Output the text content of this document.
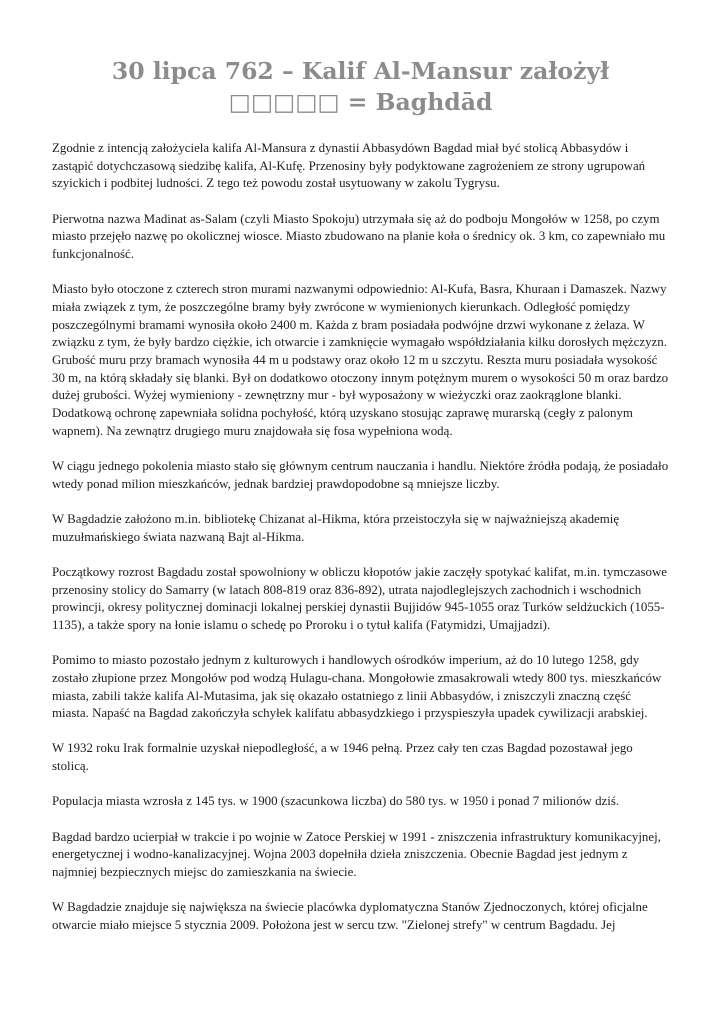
30 lipca 762 – Kalif Al-Mansur założył □□□□□ = Baghdād

Zgodnie z intencją założyciela kalifa Al-Mansura z dynastii Abbasydówn Bagdad miał być stolicą Abbasydów i zastąpić dotychczasową siedzibę kalifa, Al-Kufę. Przenosiny były podyktowane zagrożeniem ze strony ugrupowań szyickich i podbitej ludności. Z tego też powodu został usytuowany w zakolu Tygrysu.

Pierwotna nazwa Madinat as-Salam (czyli Miasto Spokoju) utrzymała się aż do podboju Mongołów w 1258, po czym miasto przejęło nazwę po okolicznej wiosce. Miasto zbudowano na planie koła o średnicy ok. 3 km, co zapewniało mu funkcjonalność.

Miasto było otoczone z czterech stron murami nazwanymi odpowiednio: Al-Kufa, Basra, Khuraan i Damaszek. Nazwy miała związek z tym, że poszczególne bramy były zwrócone w wymienionych kierunkach. Odległość pomiędzy poszczególnymi bramami wynosiła około 2400 m. Każda z bram posiadała podwójne drzwi wykonane z żelaza. W związku z tym, że były bardzo ciężkie, ich otwarcie i zamknięcie wymagało współdziałania kilku dorosłych mężczyzn. Grubość muru przy bramach wynosiła 44 m u podstawy oraz około 12 m u szczytu. Reszta muru posiadała wysokość 30 m, na którą składały się blanki. Był on dodatkowo otoczony innym potężnym murem o wysokości 50 m oraz bardzo dużej grubości. Wyżej wymieniony - zewnętrzny mur - był wyposażony w wieżyczki oraz zaokrąglone blanki. Dodatkową ochronę zapewniała solidna pochyłość, którą uzyskano stosując zaprawę murarską (cegły z palonym wapnem). Na zewnątrz drugiego muru znajdowała się fosa wypełniona wodą.

W ciągu jednego pokolenia miasto stało się głównym centrum nauczania i handlu. Niektóre źródła podają, że posiadało wtedy ponad milion mieszkańców, jednak bardziej prawdopodobne są mniejsze liczby.

W Bagdadzie założono m.in. bibliotekę Chizanat al-Hikma, która przeistoczyła się w najważniejszą akademię muzułmańskiego świata nazwaną Bajt al-Hikma.

Początkowy rozrost Bagdadu został spowolniony w obliczu kłopotów jakie zaczęły spotykać kalifat, m.in. tymczasowe przenosiny stolicy do Samarry (w latach 808-819 oraz 836-892), utrata najodleglejszych zachodnich i wschodnich prowincji, okresy politycznej dominacji lokalnej perskiej dynastii Bujjidów 945-1055 oraz Turków seldżuckich (1055-1135), a także spory na łonie islamu o schedę po Proroku i o tytuł kalifa (Fatymidzi, Umajjadzi).

Pomimo to miasto pozostało jednym z kulturowych i handlowych ośrodków imperium, aż do 10 lutego 1258, gdy zostało złupione przez Mongołów pod wodzą Hulagu-chana. Mongołowie zmasakrowali wtedy 800 tys. mieszkańców miasta, zabili także kalifa Al-Mutasima, jak się okazało ostatniego z linii Abbasydów, i zniszczyli znaczną część miasta. Napaść na Bagdad zakończyła schyłek kalifatu abbasydzkiego i przyspieszyła upadek cywilizacji arabskiej.

W 1932 roku Irak formalnie uzyskał niepodległość, a w 1946 pełną. Przez cały ten czas Bagdad pozostawał jego stolicą.

Populacja miasta wzrosła z 145 tys. w 1900 (szacunkowa liczba) do 580 tys. w 1950 i ponad 7 milionów dziś.

Bagdad bardzo ucierpiał w trakcie i po wojnie w Zatoce Perskiej w 1991 - zniszczenia infrastruktury komunikacyjnej, energetycznej i wodno-kanalizacyjnej. Wojna 2003 dopełniła dzieła zniszczenia. Obecnie Bagdad jest jednym z najmniej bezpiecznych miejsc do zamieszkania na świecie.

W Bagdadzie znajduje się największa na świecie placówka dyplomatyczna Stanów Zjednoczonych, której oficjalne otwarcie miało miejsce 5 stycznia 2009. Położona jest w sercu tzw. "Zielonej strefy" w centrum Bagdadu. Jej
